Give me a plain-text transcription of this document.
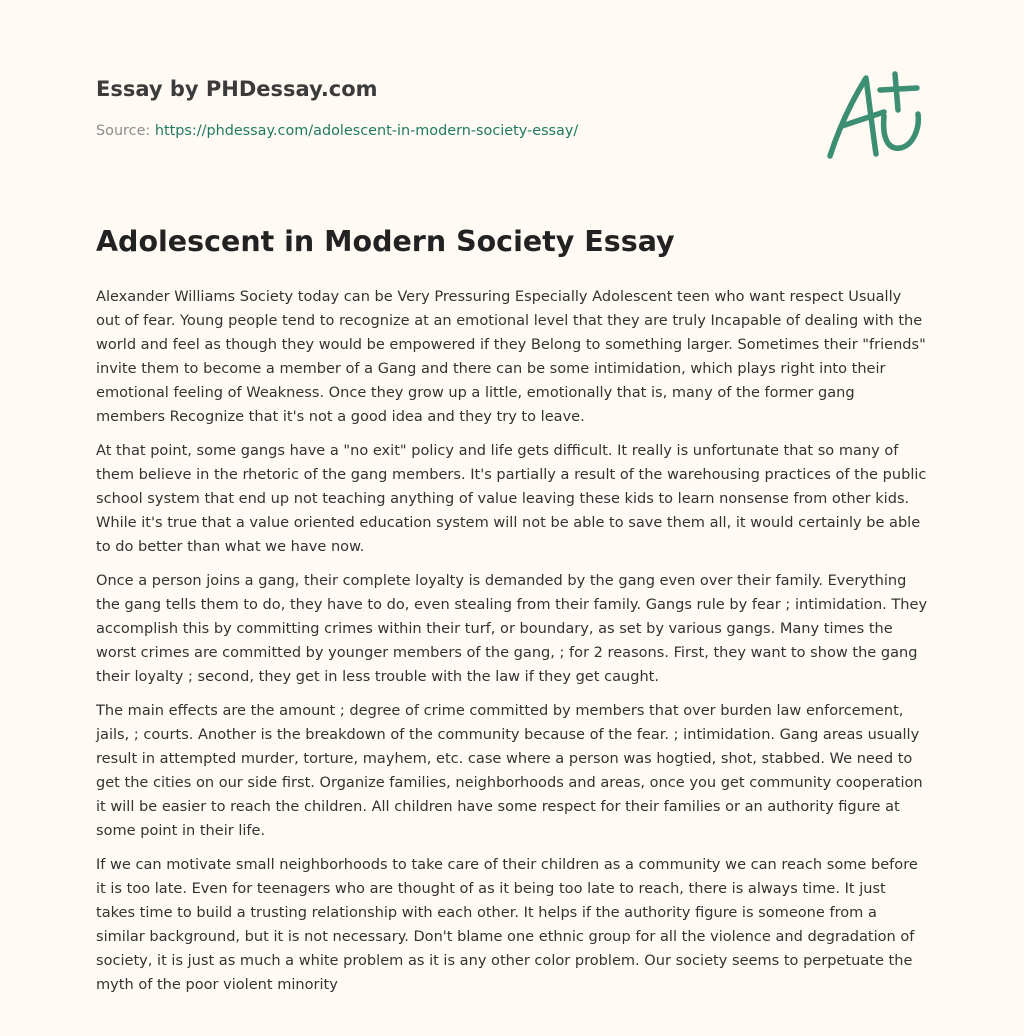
Essay by PHDessay.com
Source: https://phdessay.com/adolescent-in-modern-society-essay/
Adolescent in Modern Society Essay

Alexander Williams Society today can be Very Pressuring Especially Adolescent teen who want respect Usually out of fear. Young people tend to recognize at an emotional level that they are truly Incapable of dealing with the world and feel as though they would be empowered if they Belong to something larger. Sometimes their "friends" invite them to become a member of a Gang and there can be some intimidation, which plays right into their emotional feeling of Weakness. Once they grow up a little, emotionally that is, many of the former gang members Recognize that it's not a good idea and they try to leave.

At that point, some gangs have a "no exit" policy and life gets difficult. It really is unfortunate that so many of them believe in the rhetoric of the gang members. It's partially a result of the warehousing practices of the public school system that end up not teaching anything of value leaving these kids to learn nonsense from other kids. While it's true that a value oriented education system will not be able to save them all, it would certainly be able to do better than what we have now.

Once a person joins a gang, their complete loyalty is demanded by the gang even over their family. Everything the gang tells them to do, they have to do, even stealing from their family. Gangs rule by fear ; intimidation. They accomplish this by committing crimes within their turf, or boundary, as set by various gangs. Many times the worst crimes are committed by younger members of the gang, ; for 2 reasons. First, they want to show the gang their loyalty ; second, they get in less trouble with the law if they get caught.

The main effects are the amount ; degree of crime committed by members that over burden law enforcement, jails, ; courts. Another is the breakdown of the community because of the fear. ; intimidation. Gang areas usually result in attempted murder, torture, mayhem, etc. case where a person was hogtied, shot, stabbed. We need to get the cities on our side first. Organize families, neighborhoods and areas, once you get community cooperation it will be easier to reach the children. All children have some respect for their families or an authority figure at some point in their life.

If we can motivate small neighborhoods to take care of their children as a community we can reach some before it is too late. Even for teenagers who are thought of as it being too late to reach, there is always time. It just takes time to build a trusting relationship with each other. It helps if the authority figure is someone from a similar background, but it is not necessary. Don't blame one ethnic group for all the violence and degradation of society, it is just as much a white problem as it is any other color problem. Our society seems to perpetuate the myth of the poor violent minority
